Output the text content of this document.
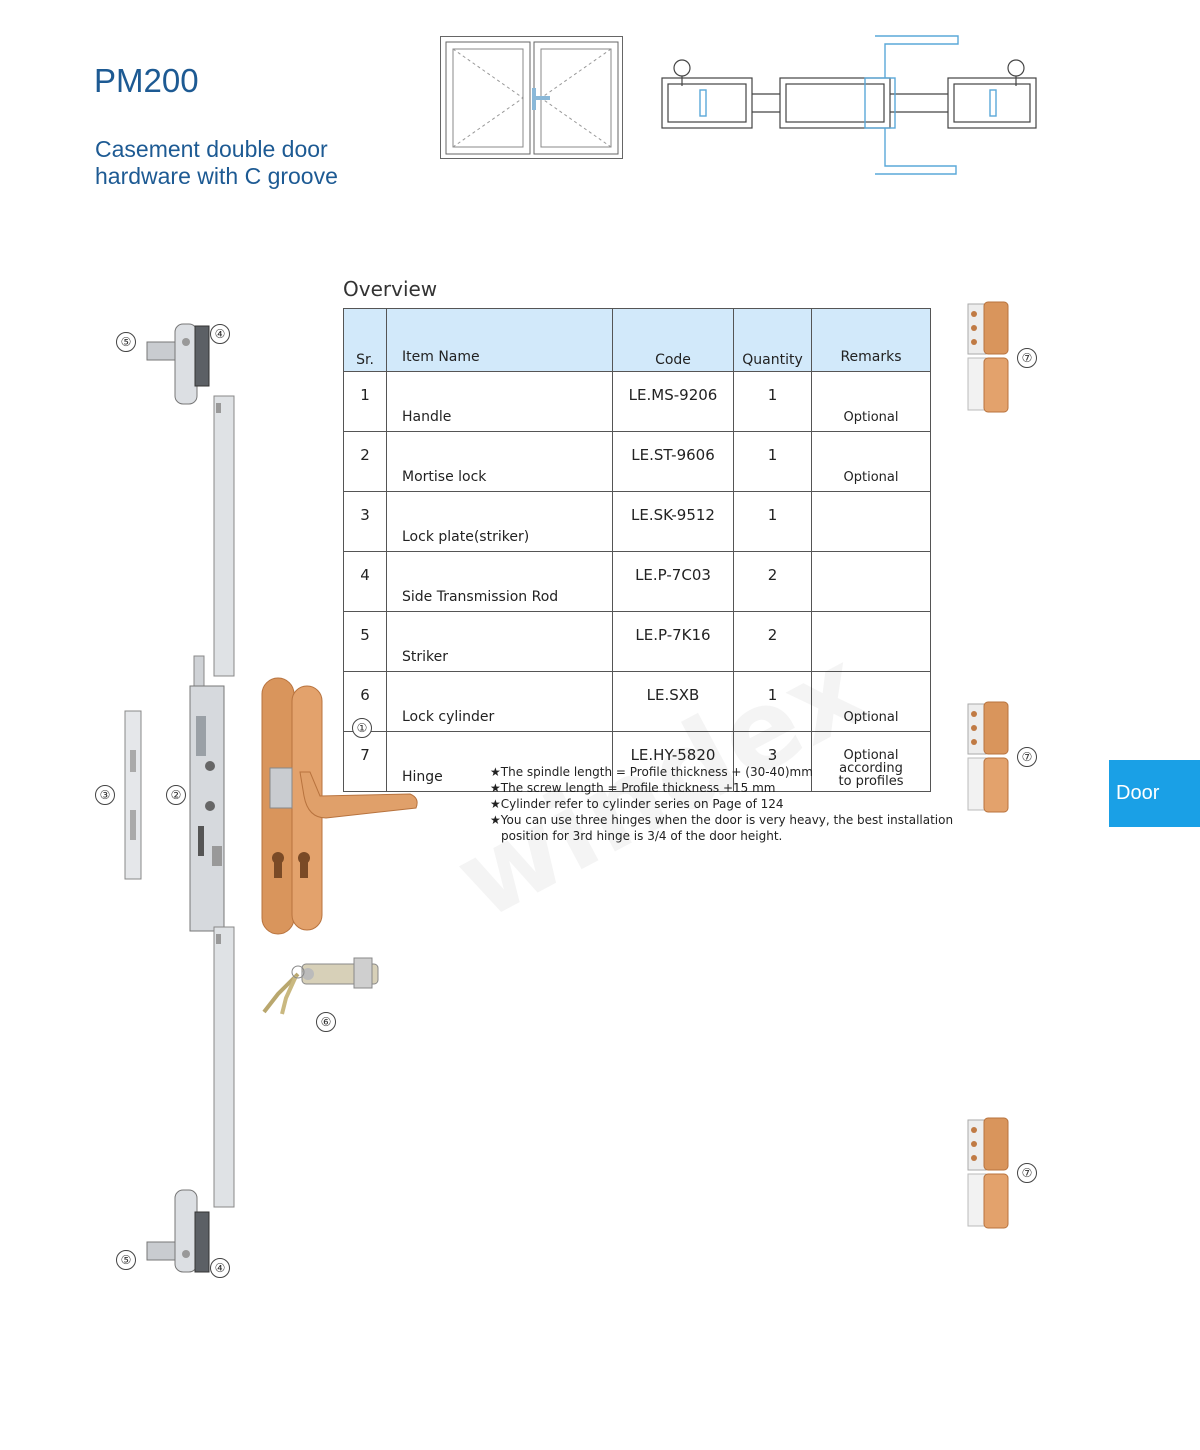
PM200
Casement double door
hardware with C groove
Overview
Sr.	Item Name	Code	Quantity	Remarks
1	Handle	LE.MS-9206	1	Optional
2	Mortise lock	LE.ST-9606	1	Optional
3	Lock plate(striker)	LE.SK-9512	1	
4	Side Transmission Rod	LE.P-7C03	2	
5	Striker	LE.P-7K16	2	
6	Lock cylinder	LE.SXB	1	Optional
7	Hinge	LE.HY-5820	3	Optional according
to profiles
★The spindle length = Profile thickness + (30-40)mm
★The screw length = Profile thickness +15 mm
★Cylinder refer to cylinder series on Page of 124
★You can use three hinges when the door is very heavy, the best installation
position for 3rd hinge is 3/4 of the door height.
Door
⑤
④
①
③	②
⑥
⑤
④
⑦
⑦
⑦
